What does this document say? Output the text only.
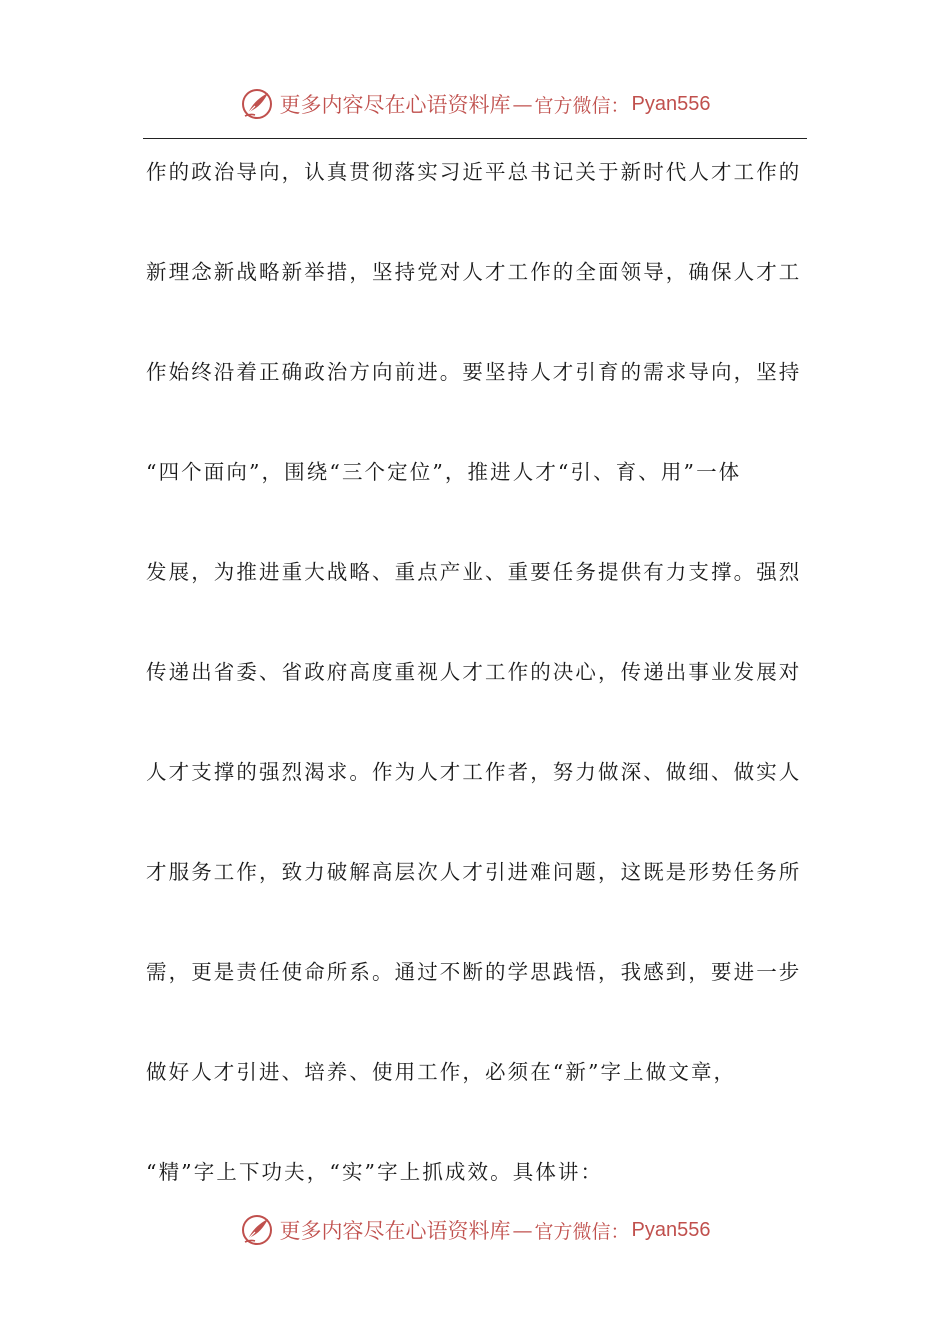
更多内容尽在心语资料库 — 官方微信： Pyan556
作的政治导向，认真贯彻落实习近平总书记关于新时代人才工作的
新理念新战略新举措，坚持党对人才工作的全面领导，确保人才工
作始终沿着正确政治方向前进。要坚持人才引育的需求导向，坚持
“四个面向”，围绕“三个定位”，推进人才“引、育、用”一体
发展，为推进重大战略、重点产业、重要任务提供有力支撑。强烈
传递出省委、省政府高度重视人才工作的决心，传递出事业发展对
人才支撑的强烈渴求。作为人才工作者，努力做深、做细、做实人
才服务工作，致力破解高层次人才引进难问题，这既是形势任务所
需，更是责任使命所系。通过不断的学思践悟，我感到，要进一步
做好人才引进、培养、使用工作，必须在“新”字上做文章，
“精”字上下功夫，“实”字上抓成效。具体讲：
更多内容尽在心语资料库 — 官方微信： Pyan556
